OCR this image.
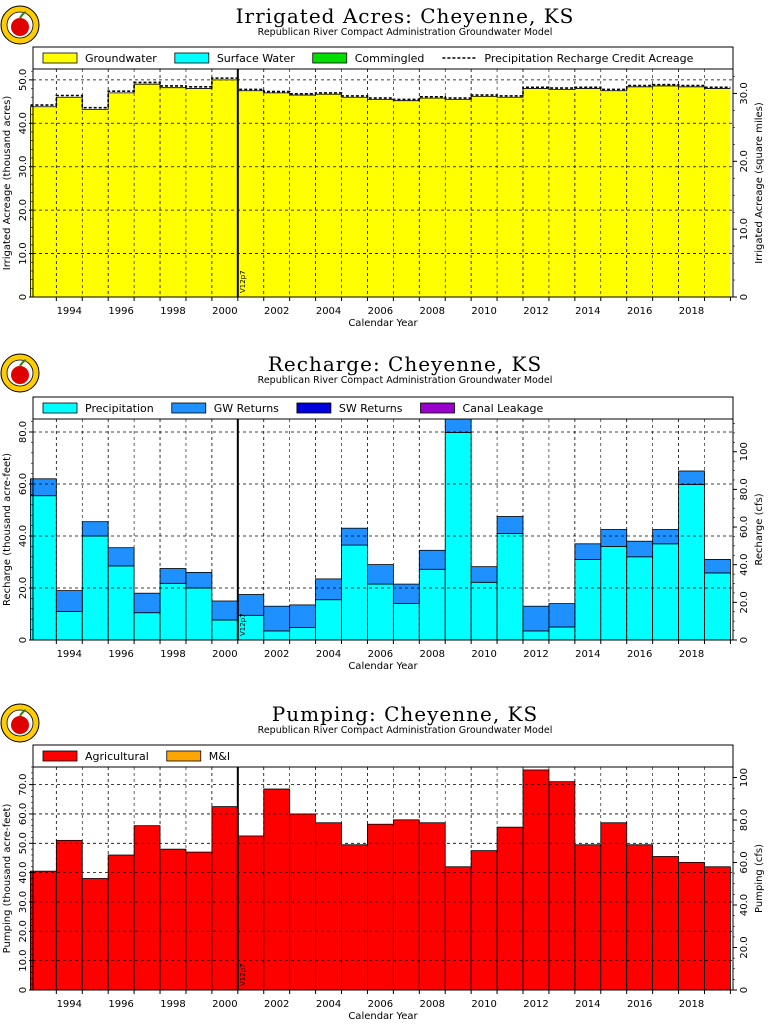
Irrigated Acres: Cheyenne, KS
Republican River Compact Administration Groundwater Model
V12p7
0
10.0
20.0
30.0
40.0
50.0
0
10.0
20.0
30.0
1994	1996	1998	2000	2002	2004	2006	2008	2010	2012	2014	2016	2018
Calendar Year
Irrigated Acreage (thousand acres)	Irrigated Acreage (square miles)
Groundwater	Surface Water	Commingled	Precipitation Recharge Credit Acreage
Recharge: Cheyenne, KS
Republican River Compact Administration Groundwater Model
V12p7
0
20.0
40.0
60.0
80.0
0
20.0
40.0
60.0
80.0
100
1994	1996	1998	2000	2002	2004	2006	2008	2010	2012	2014	2016	2018
Calendar Year
Recharge (thousand acre-feet)	Recharge (cfs)
Precipitation	GW Returns	SW Returns	Canal Leakage
Pumping: Cheyenne, KS
Republican River Compact Administration Groundwater Model
V12p7
0
10.0
20.0
30.0
40.0
50.0
60.0
70.0
0
20.0
40.0
60.0
80.0
100
1994	1996	1998	2000	2002	2004	2006	2008	2010	2012	2014	2016	2018
Calendar Year
Pumping (thousand acre-feet)	Pumping (cfs)
Agricultural	M&I
